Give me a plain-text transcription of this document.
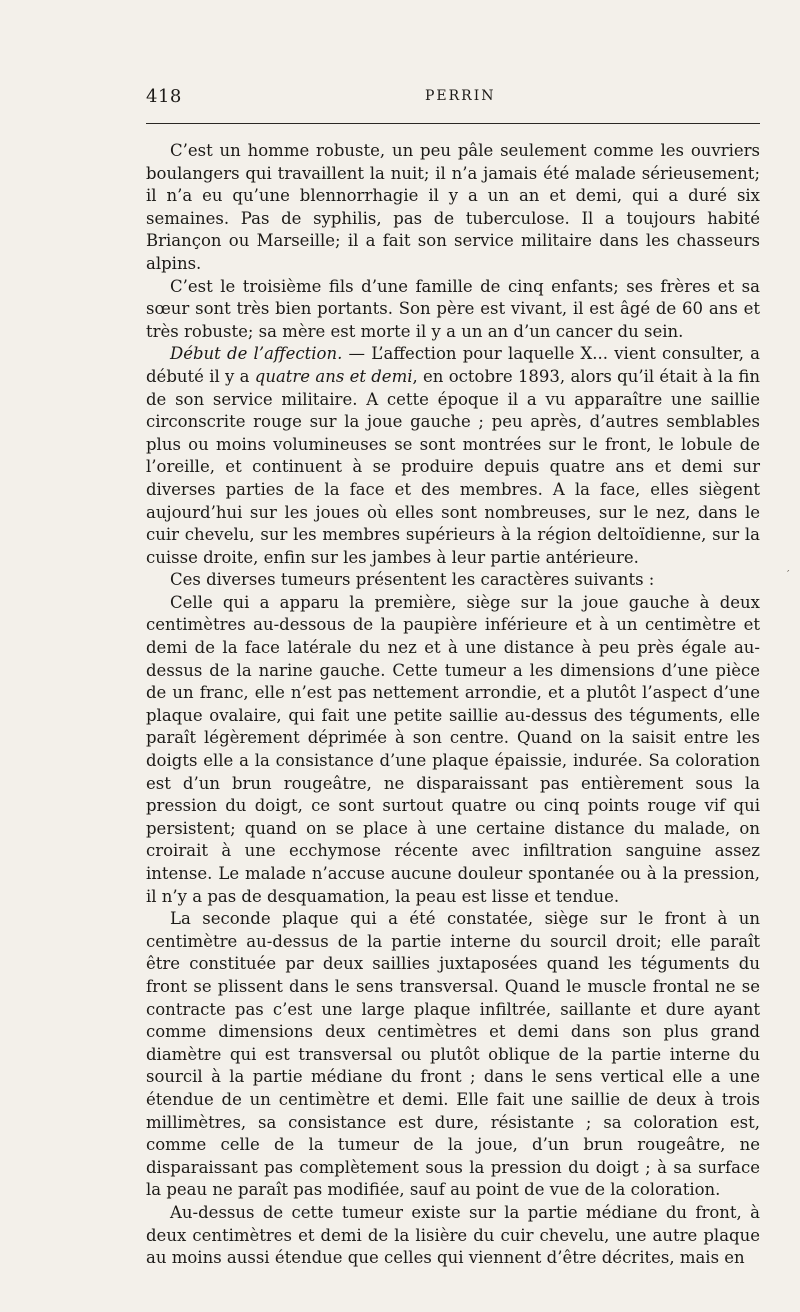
418	PERRIN

C’est un homme robuste, un peu pâle seulement comme les ouvriers boulangers qui travaillent la nuit; il n’a jamais été malade sérieusement; il n’a eu qu’une blennorrhagie il y a un an et demi, qui a duré six semaines. Pas de syphilis, pas de tuberculose. Il a toujours habité Briançon ou Marseille; il a fait son service militaire dans les chasseurs alpins.

C’est le troisième fils d’une famille de cinq enfants; ses frères et sa sœur sont très bien portants. Son père est vivant, il est âgé de 60 ans et très robuste; sa mère est morte il y a un an d’un cancer du sein.

Début de l’affection. — L’affection pour laquelle X... vient consulter, a débuté il y a quatre ans et demi, en octobre 1893, alors qu’il était à la fin de son service militaire. A cette époque il a vu apparaître une saillie circonscrite rouge sur la joue gauche ; peu après, d’autres semblables plus ou moins volumineuses se sont montrées sur le front, le lobule de l’oreille, et continuent à se produire depuis quatre ans et demi sur diverses parties de la face et des membres. A la face, elles siègent aujourd’hui sur les joues où elles sont nombreuses, sur le nez, dans le cuir chevelu, sur les membres supérieurs à la région deltoïdienne, sur la cuisse droite, enfin sur les jambes à leur partie antérieure.

Ces diverses tumeurs présentent les caractères suivants :

Celle qui a apparu la première, siège sur la joue gauche à deux centimètres au-dessous de la paupière inférieure et à un centimètre et demi de la face latérale du nez et à une distance à peu près égale au-dessus de la narine gauche. Cette tumeur a les dimensions d’une pièce de un franc, elle n’est pas nettement arrondie, et a plutôt l’aspect d’une plaque ovalaire, qui fait une petite saillie au-dessus des téguments, elle paraît légèrement déprimée à son centre. Quand on la saisit entre les doigts elle a la consistance d’une plaque épaissie, indurée. Sa coloration est d’un brun rougeâtre, ne disparaissant pas entièrement sous la pression du doigt, ce sont surtout quatre ou cinq points rouge vif qui persistent; quand on se place à une certaine distance du malade, on croirait à une ecchymose récente avec infiltration sanguine assez intense. Le malade n’accuse aucune douleur spontanée ou à la pression, il n’y a pas de desquamation, la peau est lisse et tendue.

La seconde plaque qui a été constatée, siège sur le front à un centimètre au-dessus de la partie interne du sourcil droit; elle paraît être constituée par deux saillies juxtaposées quand les téguments du front se plissent dans le sens transversal. Quand le muscle frontal ne se contracte pas c’est une large plaque infiltrée, saillante et dure ayant comme dimensions deux centimètres et demi dans son plus grand diamètre qui est transversal ou plutôt oblique de la partie interne du sourcil à la partie médiane du front ; dans le sens vertical elle a une étendue de un centimètre et demi. Elle fait une saillie de deux à trois millimètres, sa consistance est dure, résistante ; sa coloration est, comme celle de la tumeur de la joue, d’un brun rougeâtre, ne disparaissant pas complètement sous la pression du doigt ; à sa surface la peau ne paraît pas modifiée, sauf au point de vue de la coloration.

Au-dessus de cette tumeur existe sur la partie médiane du front, à deux centimètres et demi de la lisière du cuir chevelu, une autre plaque au moins aussi étendue que celles qui viennent d’être décrites, mais en

′
